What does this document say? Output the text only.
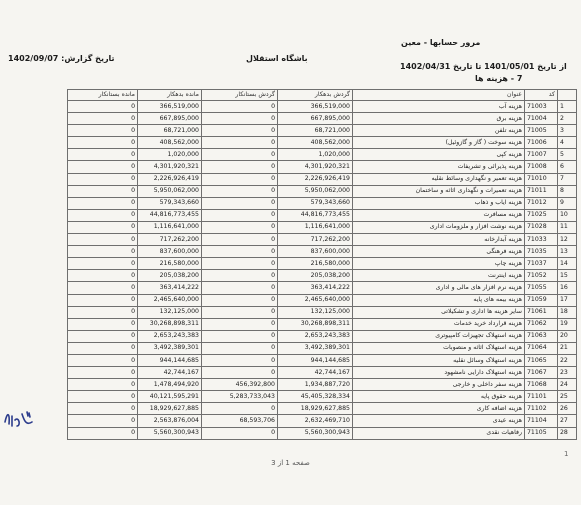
مرور حسابها - معین
باشگاه استقلال
تاریخ گزارش: 1402/09/07
از تاریخ 1401/05/01 تا تاریخ 1402/04/31
7 - هزینه ها
مانده بستانکار	مانده بدهکار	گردش بستانکار	گردش بدهکار	عنوان	کد	
0	366,519,000	0	366,519,000	هزینه آب	71003	1
0	667,895,000	0	667,895,000	هزینه برق	71004	2
0	68,721,000	0	68,721,000	هزینه تلفن	71005	3
0	408,562,000	0	408,562,000	هزینه سوخت ( گاز و گازوئیل)	71006	4
0	1,020,000	0	1,020,000	هزینه کپی	71007	5
0	4,301,920,321	0	4,301,920,321	هزینه پذیرائی و تشریفات	71008	6
0	2,226,926,419	0	2,226,926,419	هزینه تعمیر و نگهداری وسائط نقلیه	71010	7
0	5,950,062,000	0	5,950,062,000	هزینه تعمیرات و نگهداری اثاثه و ساختمان	71011	8
0	579,343,660	0	579,343,660	هزینه ایاب و ذهاب	71012	9
0	44,816,773,455	0	44,816,773,455	هزینه مسافرت	71025	10
0	1,116,641,000	0	1,116,641,000	هزینه نوشت افزار و ملزومات اداری	71028	11
0	717,262,200	0	717,262,200	هزینه آبدارخانه	71033	12
0	837,600,000	0	837,600,000	هزینه فرهنگی	71035	13
0	216,580,000	0	216,580,000	هزینه چاپ	71037	14
0	205,038,200	0	205,038,200	هزینه اینترنت	71052	15
0	363,414,222	0	363,414,222	هزینه نرم افزار های مالی و اداری	71055	16
0	2,465,640,000	0	2,465,640,000	هزینه بیمه های پایه	71059	17
0	132,125,000	0	132,125,000	سایر هزینه ها اداری و تشکیلاتی	71061	18
0	30,268,898,311	0	30,268,898,311	هزینه قرارداد خرید خدمات	71062	19
0	2,653,243,383	0	2,653,243,383	هزینه استهلاک تجهیزات کامپیوتری	71063	20
0	3,492,389,301	0	3,492,389,301	هزینه استهلاک اثاثه و منصوبات	71064	21
0	944,144,685	0	944,144,685	هزینه استهلاک وسائل نقلیه	71065	22
0	42,744,167	0	42,744,167	هزینه استهلاک دارایی نامشهود	71067	23
0	1,478,494,920	456,392,800	1,934,887,720	هزینه سفر داخلی و خارجی	71068	24
0	40,121,595,291	5,283,733,043	45,405,328,334	هزینه حقوق پایه	71101	25
0	18,929,627,885	0	18,929,627,885	هزینه اضافه کاری	71102	26
0	2,563,876,004	68,593,706	2,632,469,710	هزینه عیدی	71104	27
0	5,560,300,943	0	5,560,300,943	رفاهیات نقدی	71105	28
صفحه 1 از 3
1
